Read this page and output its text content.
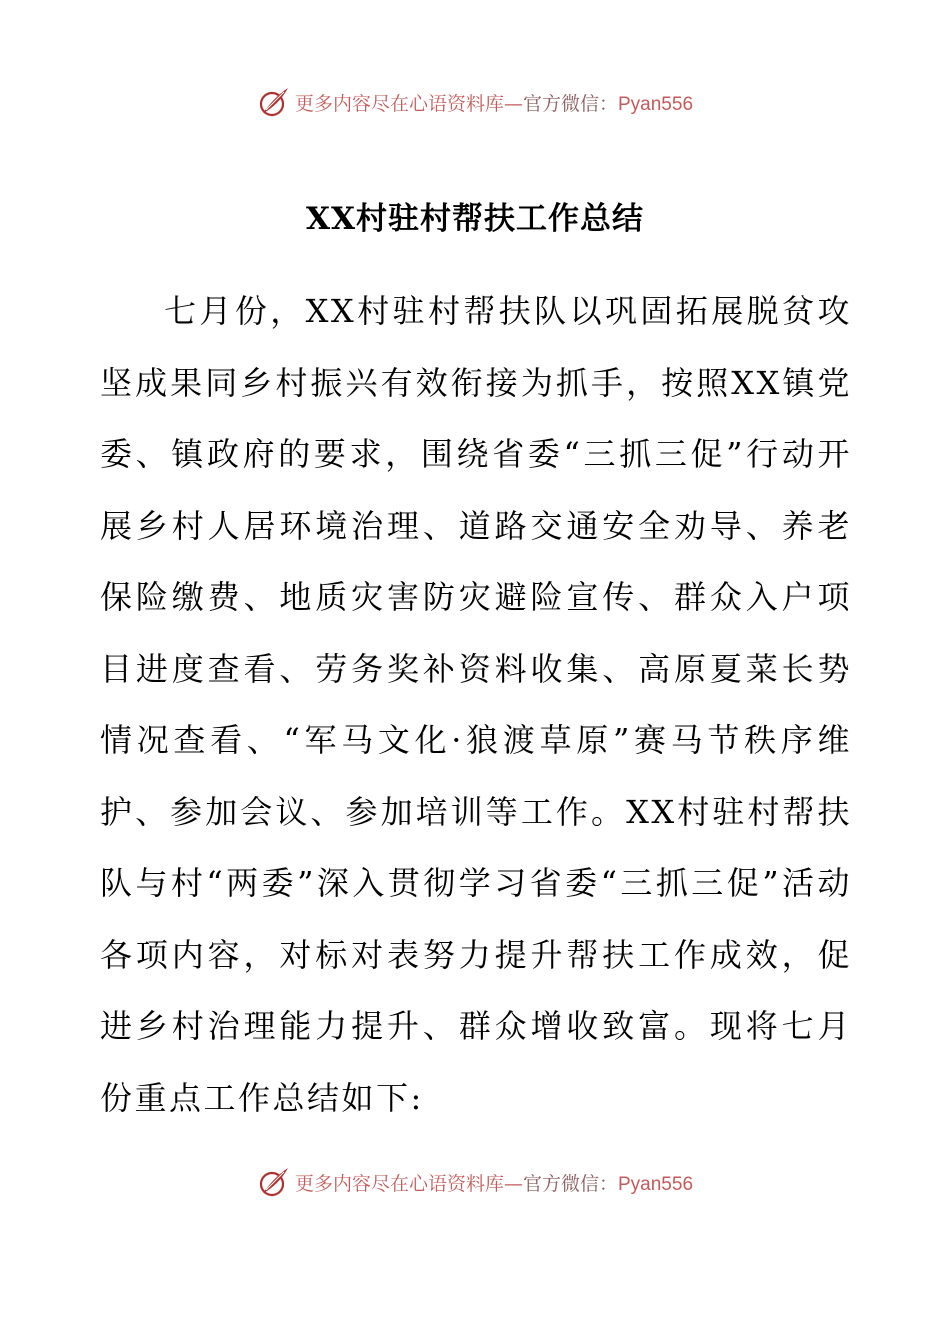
更多内容尽在心语资料库—官方微信：Pyan556
XX村驻村帮扶工作总结
七月份，XX村驻村帮扶队以巩固拓展脱贫攻坚成果同乡村振兴有效衔接为抓手，按照XX镇党委、镇政府的要求，围绕省委“三抓三促”行动开展乡村人居环境治理、道路交通安全劝导、养老保险缴费、地质灾害防灾避险宣传、群众入户项目进度查看、劳务奖补资料收集、高原夏菜长势情况查看、“军马文化·狼渡草原”赛马节秩序维护、参加会议、参加培训等工作。XX村驻村帮扶队与村“两委”深入贯彻学习省委“三抓三促”活动各项内容，对标对表努力提升帮扶工作成效，促进乡村治理能力提升、群众增收致富。现将七月份重点工作总结如下:
更多内容尽在心语资料库—官方微信：Pyan556
